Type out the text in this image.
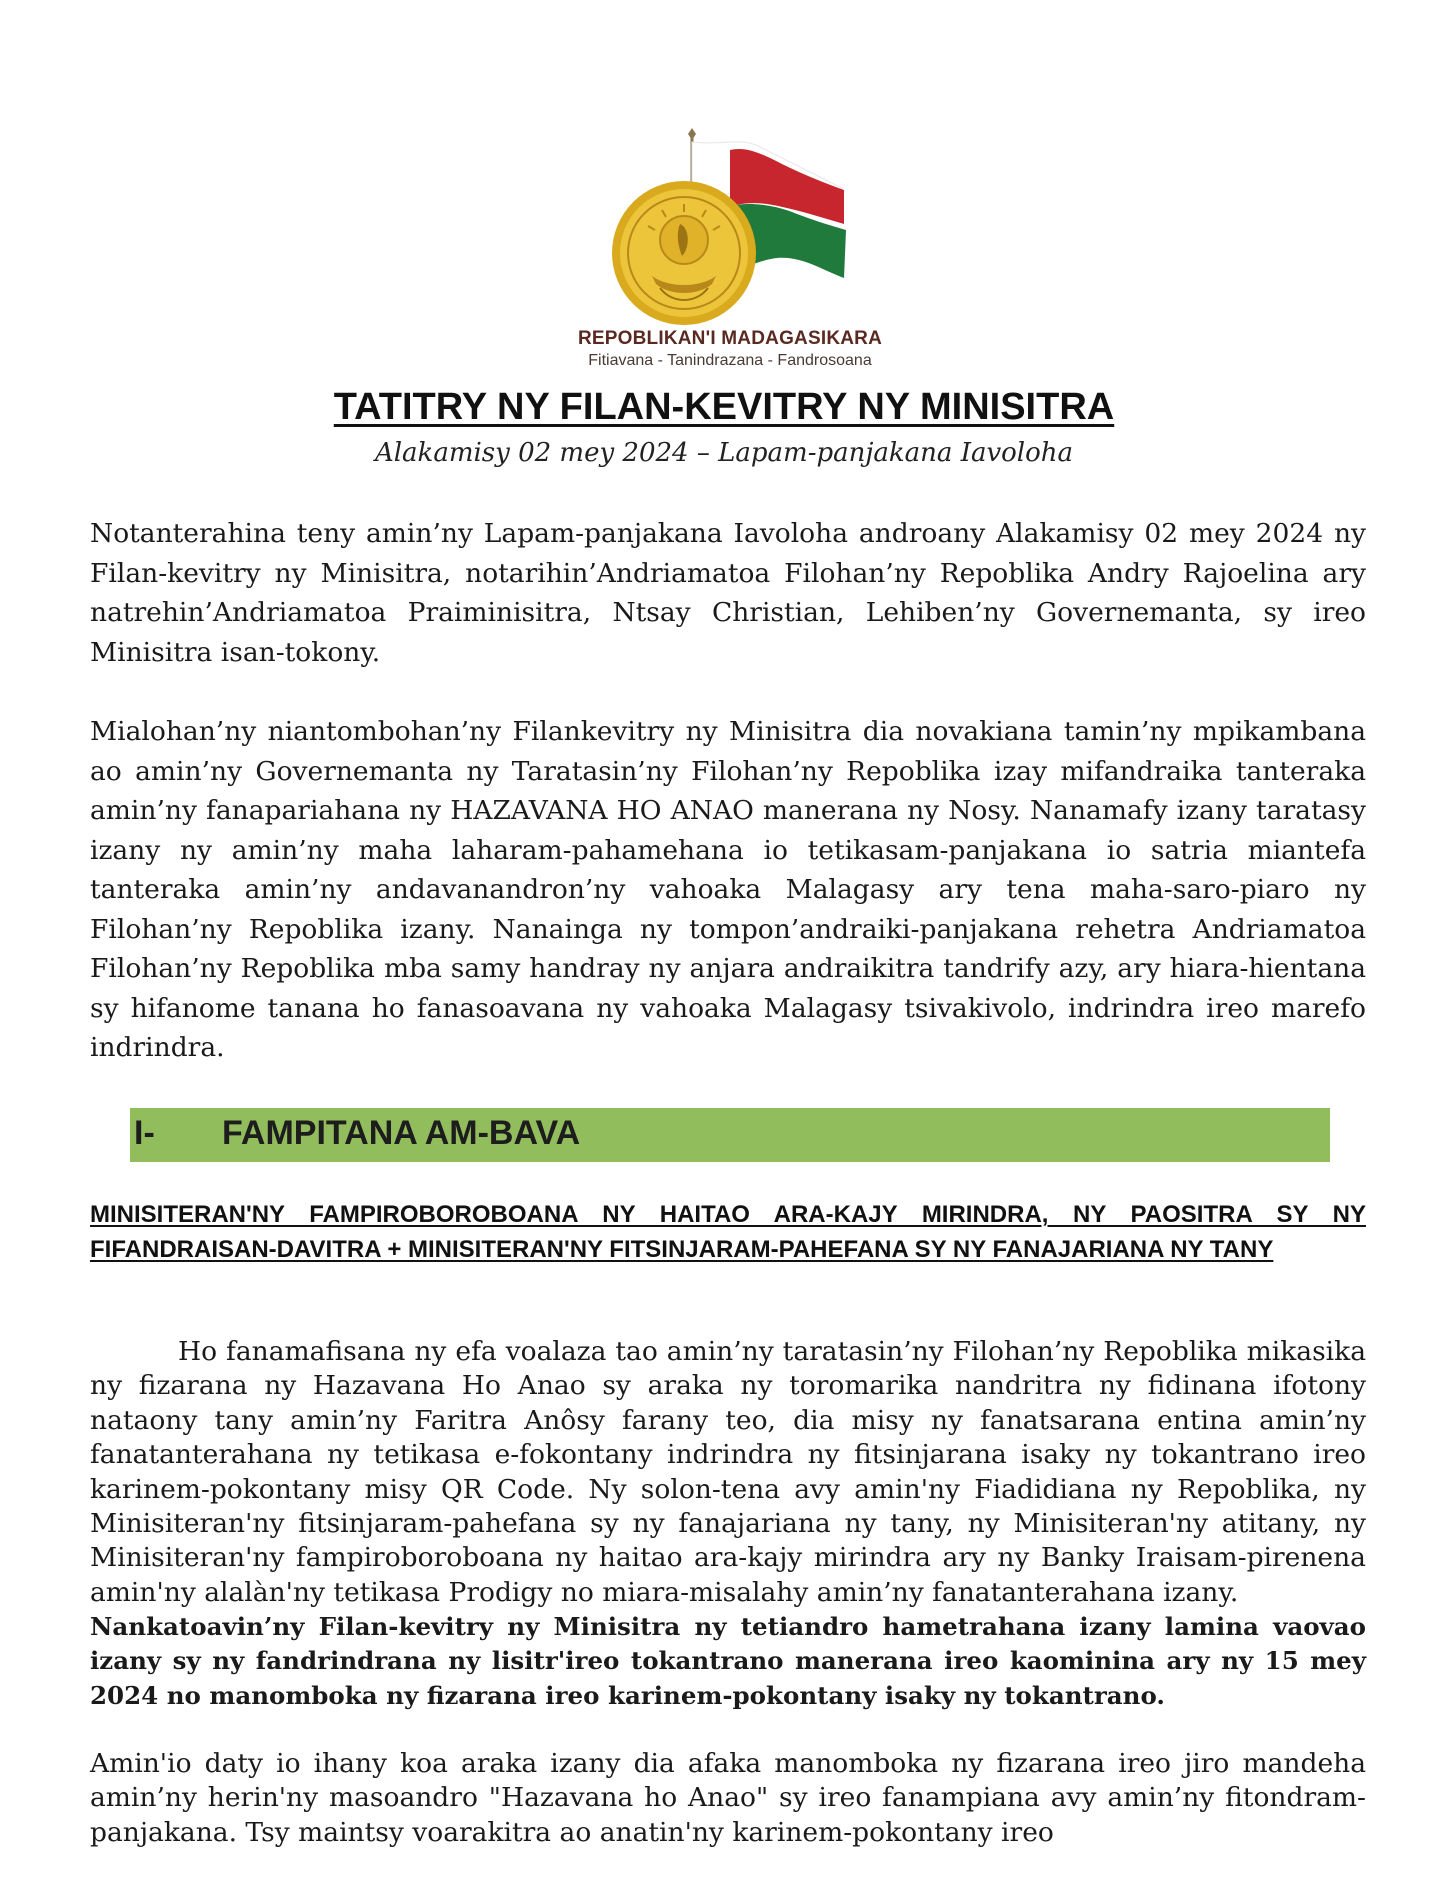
REPOBLIKAN'I MADAGASIKARA
Fitiavana - Tanindrazana - Fandrosoana
TATITRY NY FILAN-KEVITRY NY MINISITRA
Alakamisy 02 mey 2024 – Lapam-panjakana Iavoloha

Notanterahina teny amin’ny Lapam-panjakana Iavoloha androany Alakamisy 02 mey 2024 ny Filan-kevitry ny Minisitra, notarihin’Andriamatoa Filohan’ny Repoblika Andry Rajoelina ary natrehin’Andriamatoa Praiminisitra, Ntsay Christian, Lehiben’ny Governemanta, sy ireo Minisitra isan-tokony.

Mialohan’ny niantombohan’ny Filankevitry ny Minisitra dia novakiana tamin’ny mpikambana ao amin’ny Governemanta ny Taratasin’ny Filohan’ny Repoblika izay mifandraika tanteraka amin’ny fanapariahana ny HAZAVANA HO ANAO manerana ny Nosy. Nanamafy izany taratasy izany ny amin’ny maha laharam-pahamehana io tetikasam-panjakana io satria miantefa tanteraka amin’ny andavanandron’ny vahoaka Malagasy ary tena maha-saro-piaro ny Filohan’ny Repoblika izany. Nanainga ny tompon’andraiki-panjakana rehetra Andriamatoa Filohan’ny Repoblika mba samy handray ny anjara andraikitra tandrify azy, ary hiara-hientana sy hifanome tanana ho fanasoavana ny vahoaka Malagasy tsivakivolo, indrindra ireo marefo indrindra.

I- FAMPITANA AM-BAVA

MINISITERAN'NY FAMPIROBOROBOANA NY HAITAO ARA-KAJY MIRINDRA, NY PAOSITRA SY NY FIFANDRAISAN-DAVITRA + MINISITERAN'NY FITSINJARAM-PAHEFANA SY NY FANAJARIANA NY TANY

Ho fanamafisana ny efa voalaza tao amin’ny taratasin’ny Filohan’ny Repoblika mikasika ny fizarana ny Hazavana Ho Anao sy araka ny toromarika nandritra ny fidinana ifotony nataony tany amin’ny Faritra Anôsy farany teo, dia misy ny fanatsarana entina amin’ny fanatanterahana ny tetikasa e-fokontany indrindra ny fitsinjarana isaky ny tokantrano ireo karinem-pokontany misy QR Code. Ny solon-tena avy amin'ny Fiadidiana ny Repoblika, ny Minisiteran'ny fitsinjaram-pahefana sy ny fanajariana ny tany, ny Minisiteran'ny atitany, ny Minisiteran'ny fampiroboroboana ny haitao ara-kajy mirindra ary ny Banky Iraisam-pirenena amin'ny alalàn'ny tetikasa Prodigy no miara-misalahy amin’ny fanatanterahana izany.

Nankatoavin’ny Filan-kevitry ny Minisitra ny tetiandro hametrahana izany lamina vaovao izany sy ny fandrindrana ny lisitr'ireo tokantrano manerana ireo kaominina ary ny 15 mey 2024 no manomboka ny fizarana ireo karinem-pokontany isaky ny tokantrano.

Amin'io daty io ihany koa araka izany dia afaka manomboka ny fizarana ireo jiro mandeha amin’ny herin'ny masoandro "Hazavana ho Anao" sy ireo fanampiana avy amin’ny fitondram-panjakana. Tsy maintsy voarakitra ao anatin'ny karinem-pokontany ireo
